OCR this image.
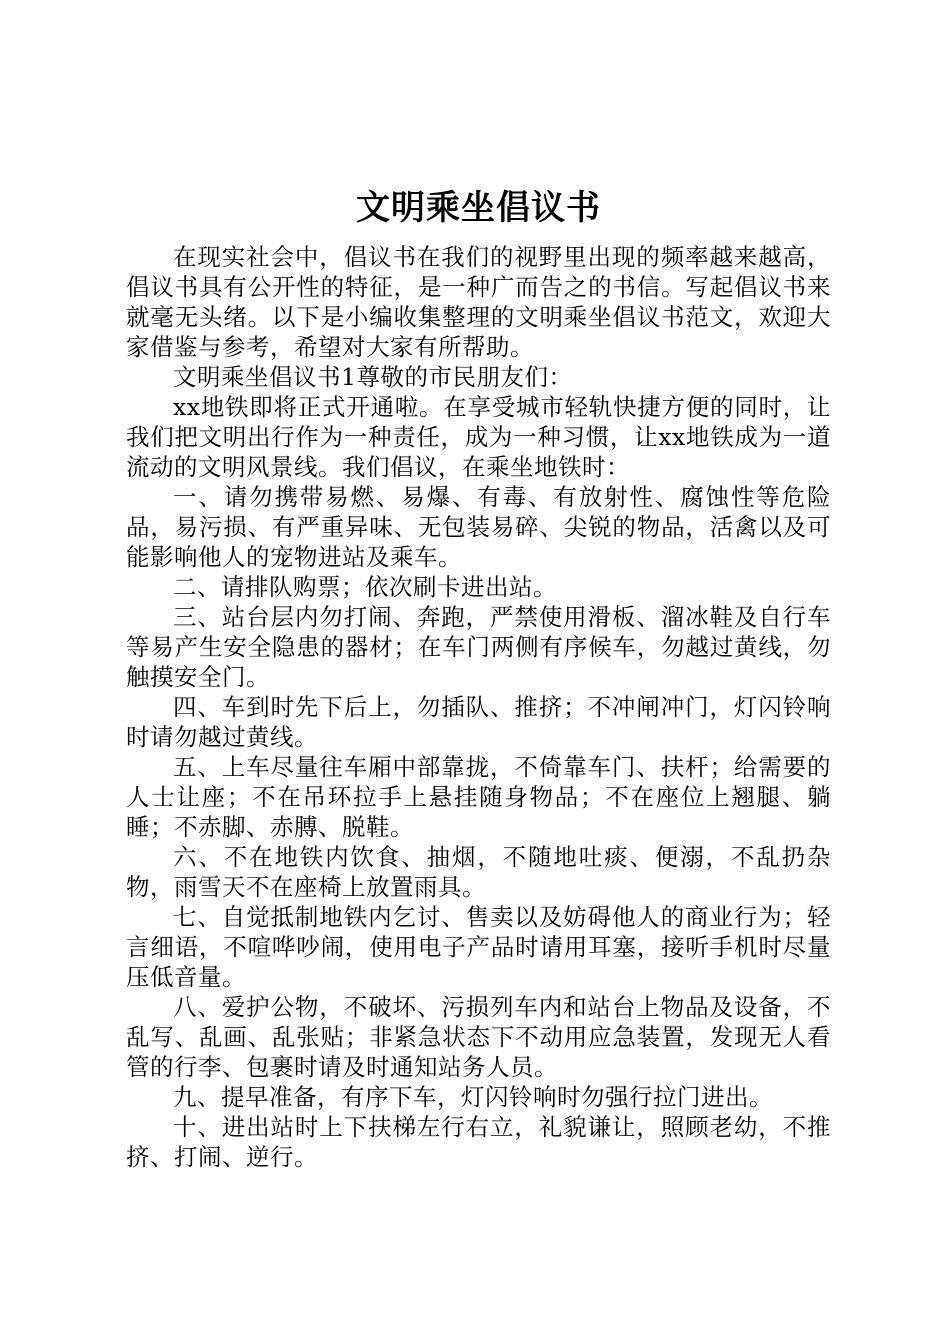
文明乘坐倡议书

在现实社会中，倡议书在我们的视野里出现的频率越来越高，倡议书具有公开性的特征，是一种广而告之的书信。写起倡议书来就毫无头绪。以下是小编收集整理的文明乘坐倡议书范文，欢迎大家借鉴与参考，希望对大家有所帮助。

文明乘坐倡议书1尊敬的市民朋友们：

xx地铁即将正式开通啦。在享受城市轻轨快捷方便的同时，让我们把文明出行作为一种责任，成为一种习惯，让xx地铁成为一道流动的文明风景线。我们倡议，在乘坐地铁时：

一、请勿携带易燃、易爆、有毒、有放射性、腐蚀性等危险品，易污损、有严重异味、无包装易碎、尖锐的物品，活禽以及可能影响他人的宠物进站及乘车。

二、请排队购票；依次刷卡进出站。

三、站台层内勿打闹、奔跑，严禁使用滑板、溜冰鞋及自行车等易产生安全隐患的器材；在车门两侧有序候车，勿越过黄线，勿触摸安全门。

四、车到时先下后上，勿插队、推挤；不冲闸冲门，灯闪铃响时请勿越过黄线。

五、上车尽量往车厢中部靠拢，不倚靠车门、扶杆；给需要的人士让座；不在吊环拉手上悬挂随身物品；不在座位上翘腿、躺睡；不赤脚、赤膊、脱鞋。

六、不在地铁内饮食、抽烟，不随地吐痰、便溺，不乱扔杂物，雨雪天不在座椅上放置雨具。

七、自觉抵制地铁内乞讨、售卖以及妨碍他人的商业行为；轻言细语，不喧哗吵闹，使用电子产品时请用耳塞，接听手机时尽量压低音量。

八、爱护公物，不破坏、污损列车内和站台上物品及设备，不乱写、乱画、乱张贴；非紧急状态下不动用应急装置，发现无人看管的行李、包裹时请及时通知站务人员。

九、提早准备，有序下车，灯闪铃响时勿强行拉门进出。

十、进出站时上下扶梯左行右立，礼貌谦让，照顾老幼，不推挤、打闹、逆行。
